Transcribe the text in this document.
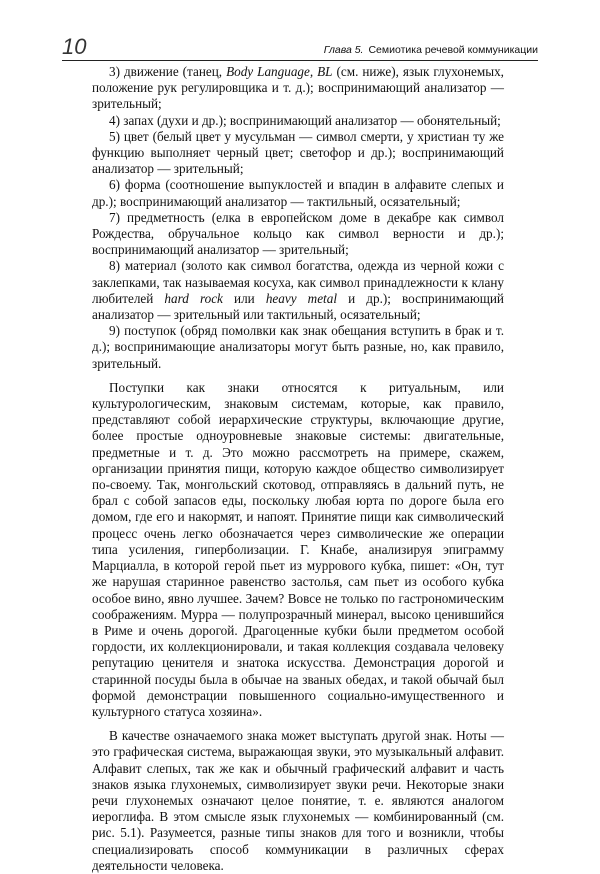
10	Глава 5. Семиотика речевой коммуникации

3) движение (танец, Body Language, BL (см. ниже), язык глухонемых, положение рук регулировщика и т. д.); воспринимающий анализатор — зрительный;

4) запах (духи и др.); воспринимающий анализатор — обонятельный;

5) цвет (белый цвет у мусульман — символ смерти, у христиан ту же функцию выполняет черный цвет; светофор и др.); воспринимающий анализатор — зрительный;

6) форма (соотношение выпуклостей и впадин в алфавите слепых и др.); воспринимающий анализатор — тактильный, осязательный;

7) предметность (елка в европейском доме в декабре как символ Рождества, обручальное кольцо как символ верности и др.); воспринимающий анализатор — зрительный;

8) материал (золото как символ богатства, одежда из черной кожи с заклепками, так называемая косуха, как символ принадлежности к клану любителей hard rock или heavy metal и др.); воспринимающий анализатор — зрительный или тактильный, осязательный;

9) поступок (обряд помолвки как знак обещания вступить в брак и т. д.); воспринимающие анализаторы могут быть разные, но, как правило, зрительный.

Поступки как знаки относятся к ритуальным, или культурологическим, знаковым системам, которые, как правило, представляют собой иерархические структуры, включающие другие, более простые одноуровневые знаковые системы: двигательные, предметные и т. д. Это можно рассмотреть на примере, скажем, организации принятия пищи, которую каждое общество символизирует по-своему. Так, монгольский скотовод, отправляясь в дальний путь, не брал с собой запасов еды, поскольку любая юрта по дороге была его домом, где его и накормят, и напоят. Принятие пищи как символический процесс очень легко обозначается через символические же операции типа усиления, гиперболизации. Г. Кнабе, анализируя эпиграмму Марциалла, в которой герой пьет из муррового кубка, пишет: «Он, тут же нарушая старинное равенство застолья, сам пьет из особого кубка особое вино, явно лучшее. Зачем? Вовсе не только по гастрономическим соображениям. Мурра — полупрозрачный минерал, высоко ценившийся в Риме и очень дорогой. Драгоценные кубки были предметом особой гордости, их коллекционировали, и такая коллекция создавала человеку репутацию ценителя и знатока искусства. Демонстрация дорогой и старинной посуды была в обычае на званых обедах, и такой обычай был формой демонстрации повышенного социально-имущественного и культурного статуса хозяина».

В качестве означаемого знака может выступать другой знак. Ноты — это графическая система, выражающая звуки, это музыкальный алфавит. Алфавит слепых, так же как и обычный графический алфавит и часть знаков языка глухонемых, символизирует звуки речи. Некоторые знаки речи глухонемых означают целое понятие, т. е. являются аналогом иероглифа. В этом смысле язык глухонемых — комбинированный (см. рис. 5.1). Разумеется, разные типы знаков для того и возникли, чтобы специализировать способ коммуникации в различных сферах деятельности человека.
